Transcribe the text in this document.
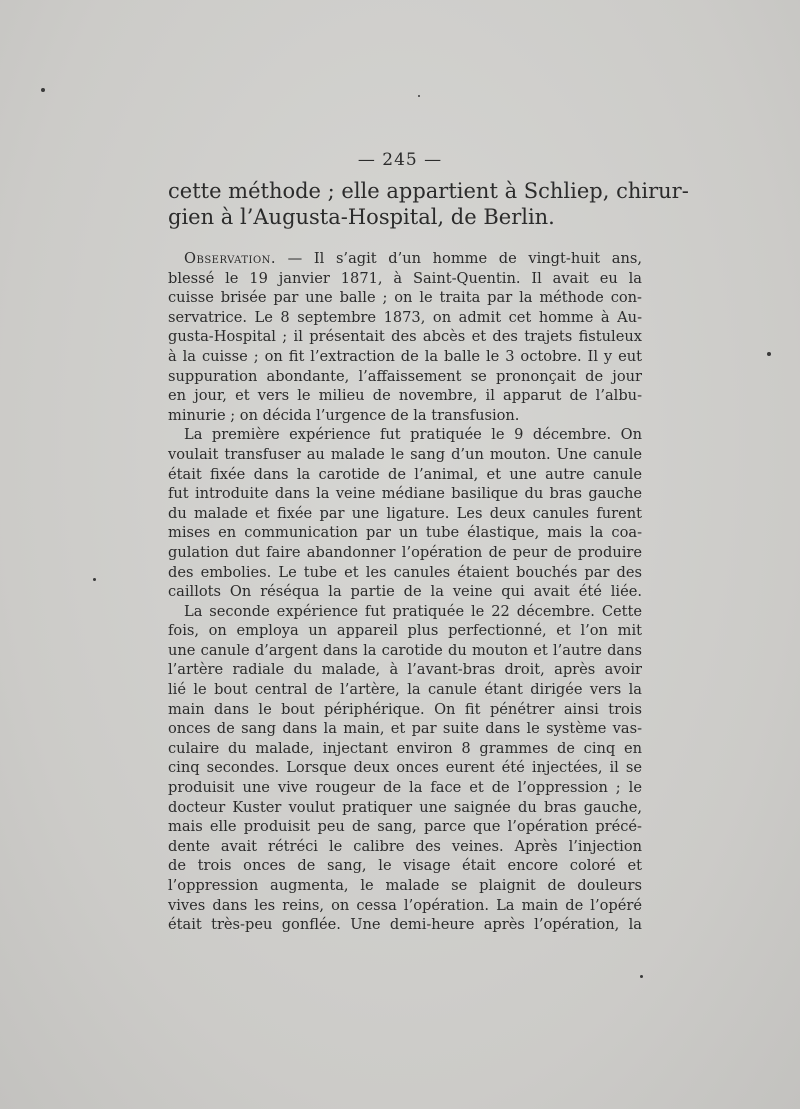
— 245 —
cette méthode ; elle appartient à Schliep, chirur-
gien à l’Augusta-Hospital, de Berlin.
Observation. — Il s’agit d’un homme de vingt-huit ans,
blessé le 19 janvier 1871, à Saint-Quentin. Il avait eu la
cuisse brisée par une balle ; on le traita par la méthode con-
servatrice. Le 8 septembre 1873, on admit cet homme à Au-
gusta-Hospital ; il présentait des abcès et des trajets fistuleux
à la cuisse ; on fit l’extraction de la balle le 3 octobre. Il y eut
suppuration abondante, l’affaissement se prononçait de jour
en jour, et vers le milieu de novembre, il apparut de l’albu-
minurie ; on décida l’urgence de la transfusion.
La première expérience fut pratiquée le 9 décembre. On
voulait transfuser au malade le sang d’un mouton. Une canule
était fixée dans la carotide de l’animal, et une autre canule
fut introduite dans la veine médiane basilique du bras gauche
du malade et fixée par une ligature. Les deux canules furent
mises en communication par un tube élastique, mais la coa-
gulation dut faire abandonner l’opération de peur de produire
des embolies. Le tube et les canules étaient bouchés par des
caillots On réséqua la partie de la veine qui avait été liée.
La seconde expérience fut pratiquée le 22 décembre. Cette
fois, on employa un appareil plus perfectionné, et l’on mit
une canule d’argent dans la carotide du mouton et l’autre dans
l’artère radiale du malade, à l’avant-bras droit, après avoir
lié le bout central de l’artère, la canule étant dirigée vers la
main dans le bout périphérique. On fit pénétrer ainsi trois
onces de sang dans la main, et par suite dans le système vas-
culaire du malade, injectant environ 8 grammes de cinq en
cinq secondes. Lorsque deux onces eurent été injectées, il se
produisit une vive rougeur de la face et de l’oppression ; le
docteur Kuster voulut pratiquer une saignée du bras gauche,
mais elle produisit peu de sang, parce que l’opération précé-
dente avait rétréci le calibre des veines. Après l’injection
de trois onces de sang, le visage était encore coloré et
l’oppression augmenta, le malade se plaignit de douleurs
vives dans les reins, on cessa l’opération. La main de l’opéré
était très-peu gonflée. Une demi-heure après l’opération, la
